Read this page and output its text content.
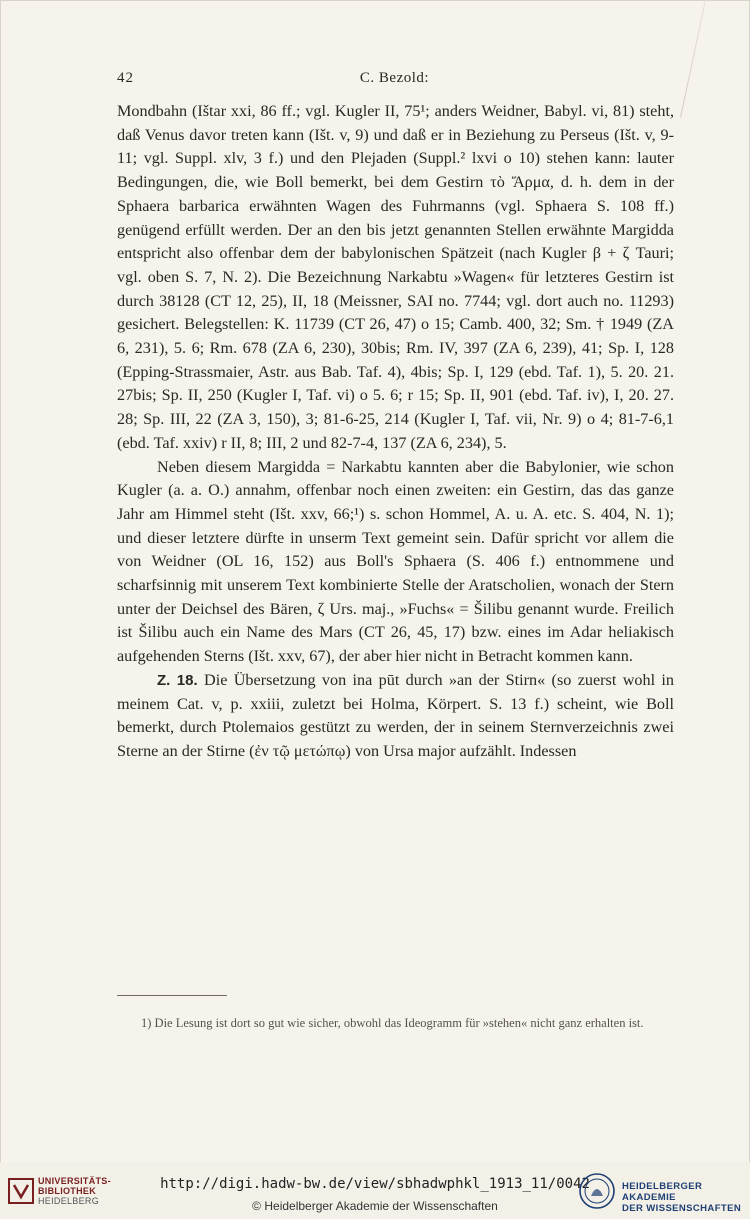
42	C. Bezold:

Mondbahn (Ištar xxi, 86 ff.; vgl. Kugler II, 75¹; anders Weidner, Babyl. vi, 81) steht, daß Venus davor treten kann (Išt. v, 9) und daß er in Beziehung zu Perseus (Išt. v, 9-11; vgl. Suppl. xlv, 3 f.) und den Plejaden (Suppl.² lxvi o 10) stehen kann: lauter Bedingungen, die, wie Boll bemerkt, bei dem Gestirn τὸ Ἅρμα, d. h. dem in der Sphaera barbarica erwähnten Wagen des Fuhrmanns (vgl. Sphaera S. 108 ff.) genügend erfüllt werden. Der an den bis jetzt genannten Stellen erwähnte Margidda entspricht also offenbar dem der babylonischen Spätzeit (nach Kugler β + ζ Tauri; vgl. oben S. 7, N. 2). Die Bezeichnung Narkabtu »Wagen« für letzteres Gestirn ist durch 38128 (CT 12, 25), II, 18 (Meissner, SAI no. 7744; vgl. dort auch no. 11293) gesichert. Belegstellen: K. 11739 (CT 26, 47) o 15; Camb. 400, 32; Sm. † 1949 (ZA 6, 231), 5. 6; Rm. 678 (ZA 6, 230), 30bis; Rm. IV, 397 (ZA 6, 239), 41; Sp. I, 128 (Epping-Strassmaier, Astr. aus Bab. Taf. 4), 4bis; Sp. I, 129 (ebd. Taf. 1), 5. 20. 21. 27bis; Sp. II, 250 (Kugler I, Taf. vi) o 5. 6; r 15; Sp. II, 901 (ebd. Taf. iv), I, 20. 27. 28; Sp. III, 22 (ZA 3, 150), 3; 81-6-25, 214 (Kugler I, Taf. vii, Nr. 9) o 4; 81-7-6,1 (ebd. Taf. xxiv) r II, 8; III, 2 und 82-7-4, 137 (ZA 6, 234), 5.

Neben diesem Margidda = Narkabtu kannten aber die Babylonier, wie schon Kugler (a. a. O.) annahm, offenbar noch einen zweiten: ein Gestirn, das das ganze Jahr am Himmel steht (Išt. xxv, 66;¹) s. schon Hommel, A. u. A. etc. S. 404, N. 1); und dieser letztere dürfte in unserm Text gemeint sein. Dafür spricht vor allem die von Weidner (OL 16, 152) aus Boll's Sphaera (S. 406 f.) entnommene und scharfsinnig mit unserem Text kombinierte Stelle der Aratscholien, wonach der Stern unter der Deichsel des Bären, ζ Urs. maj., »Fuchs« = Šilibu genannt wurde. Freilich ist Šilibu auch ein Name des Mars (CT 26, 45, 17) bzw. eines im Adar heliakisch aufgehenden Sterns (Išt. xxv, 67), der aber hier nicht in Betracht kommen kann.

Z. 18. Die Übersetzung von ina pūt durch »an der Stirn« (so zuerst wohl in meinem Cat. v, p. xxiii, zuletzt bei Holma, Körpert. S. 13 f.) scheint, wie Boll bemerkt, durch Ptolemaios gestützt zu werden, der in seinem Sternverzeichnis zwei Sterne an der Stirne (ἐν τῷ μετώπῳ) von Ursa major aufzählt. Indessen

1) Die Lesung ist dort so gut wie sicher, obwohl das Ideogramm für »stehen« nicht ganz erhalten ist.

UNIVERSITÄTS-
BIBLIOTHEK
HEIDELBERG
http://digi.hadw-bw.de/view/sbhadwphkl_1913_11/0042
© Heidelberger Akademie der Wissenschaften
HEIDELBERGER AKADEMIE
DER WISSENSCHAFTEN
